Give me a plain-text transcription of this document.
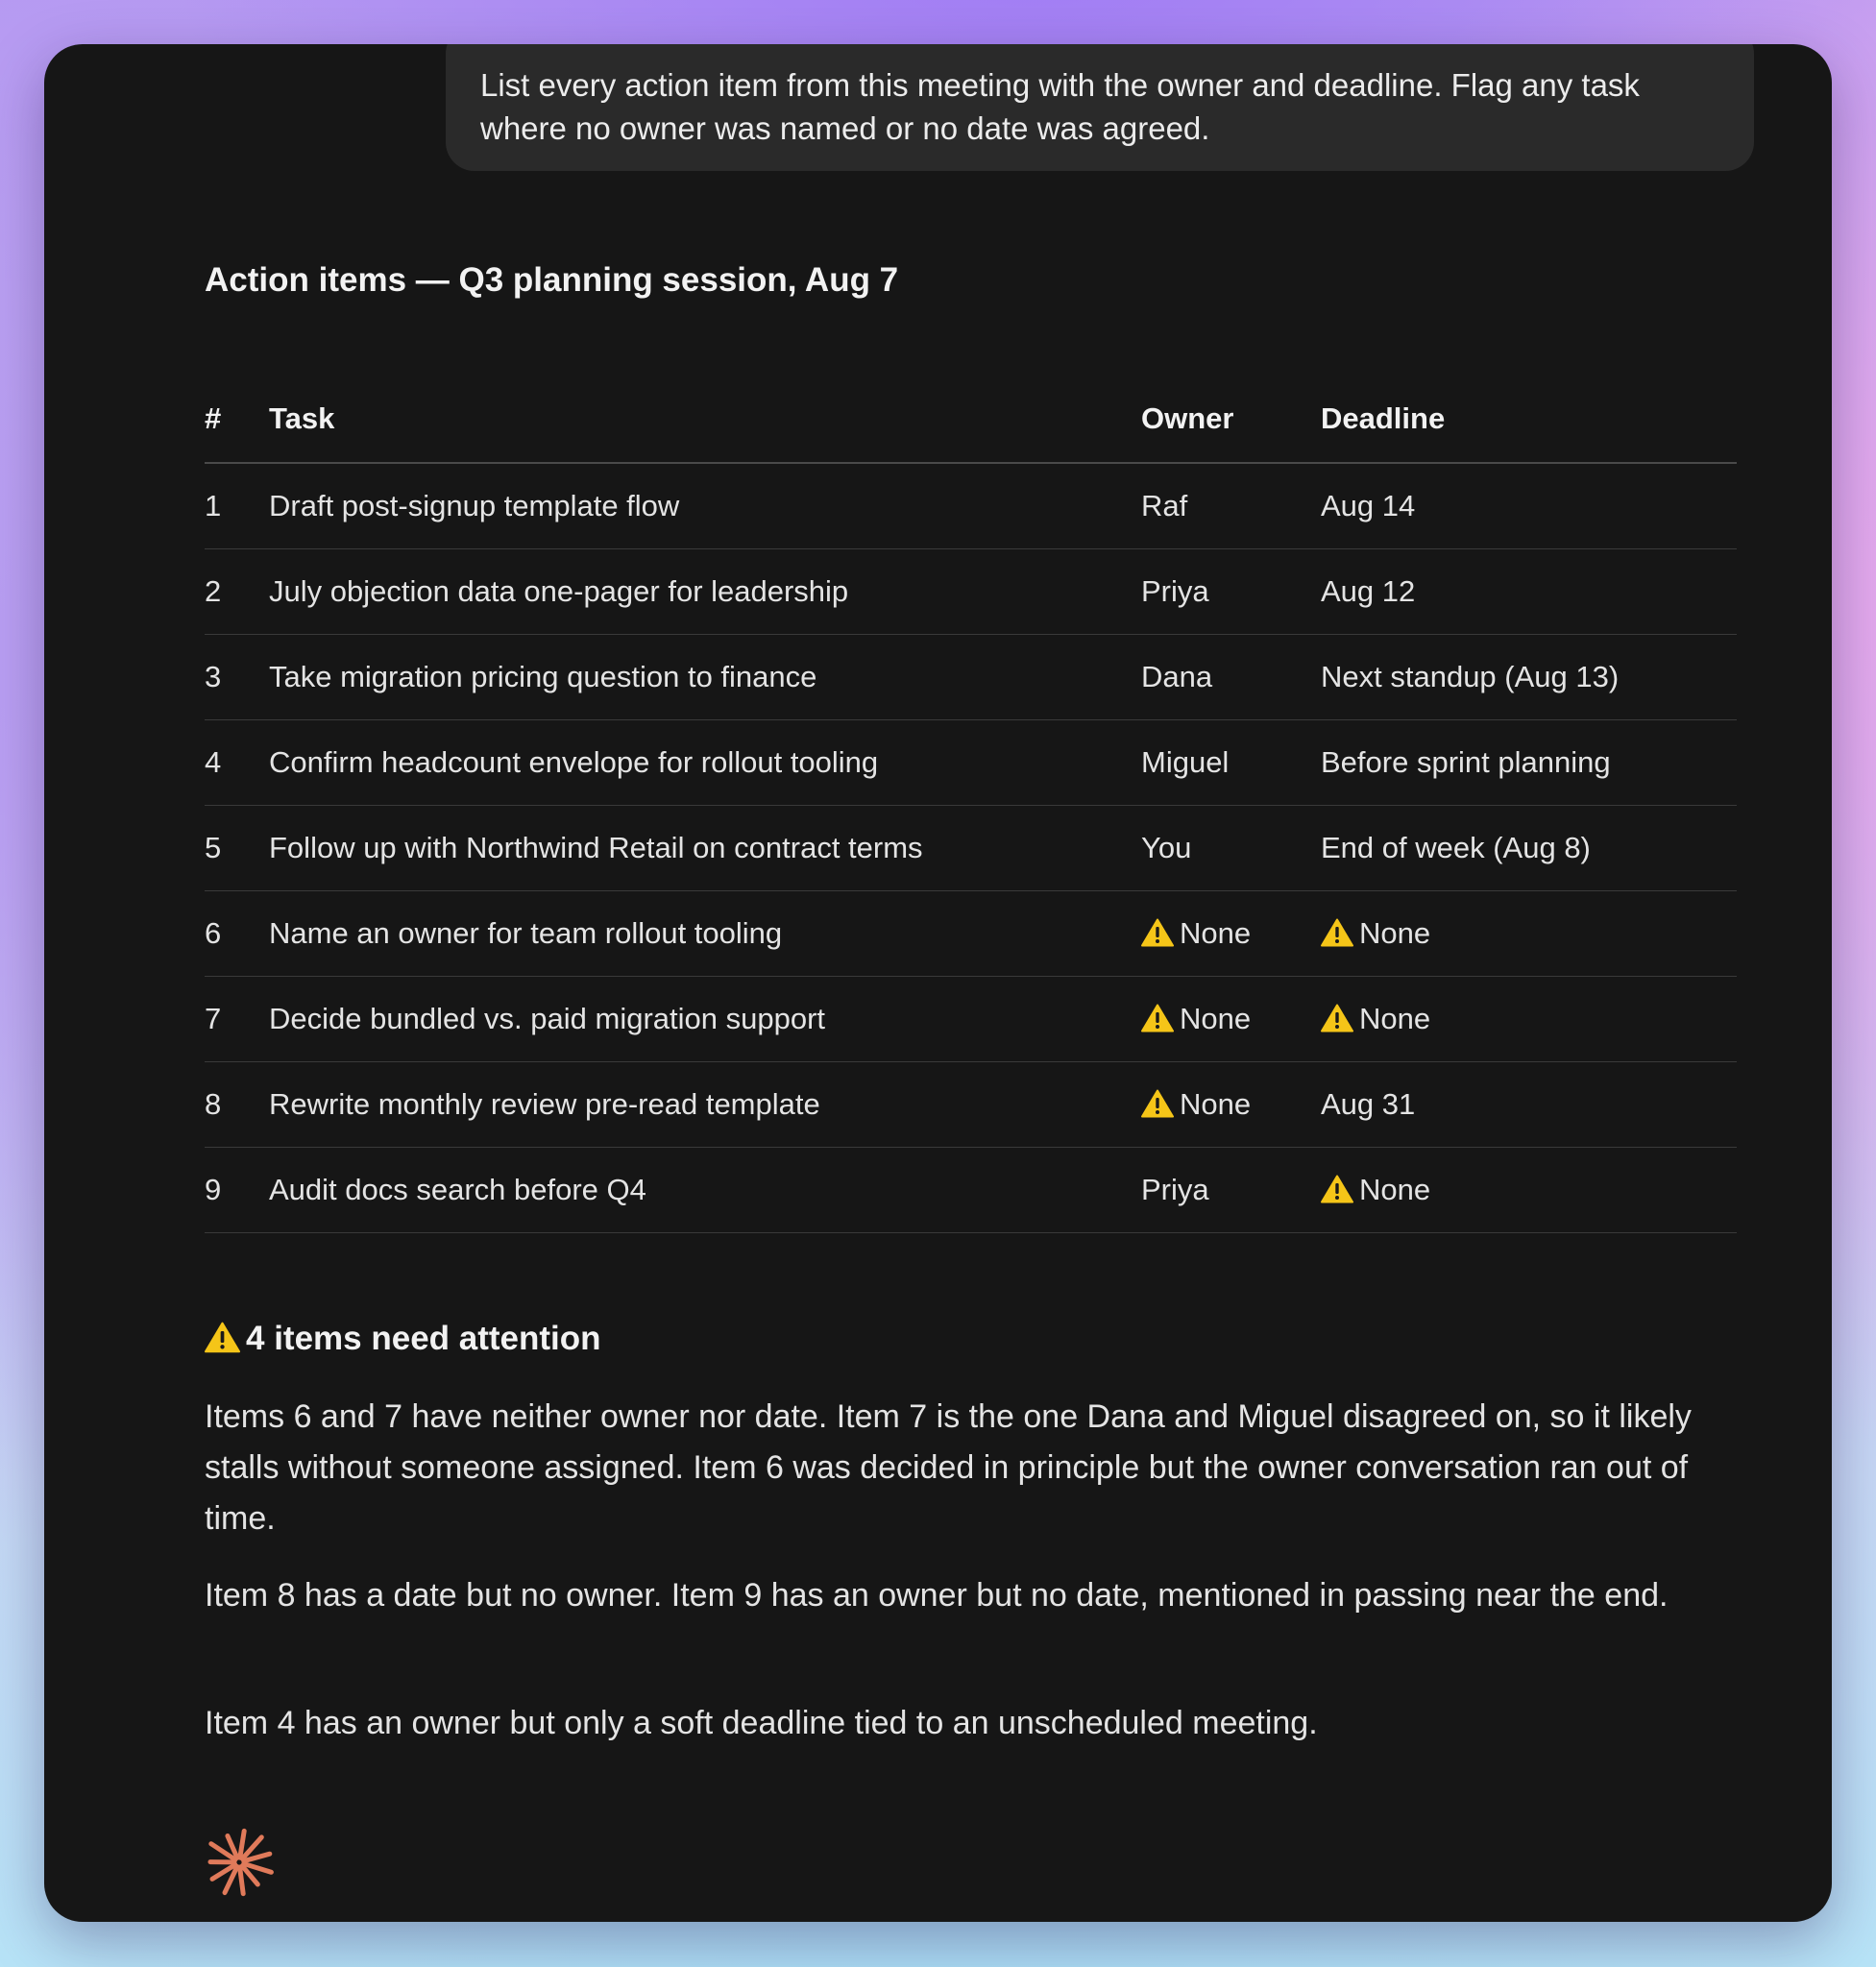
List every action item from this meeting with the owner and deadline. Flag any task where no owner was named or no date was agreed.
Action items — Q3 planning session, Aug 7
#	Task	Owner	Deadline
1	Draft post-signup template flow	Raf	Aug 14
2	July objection data one-pager for leadership	Priya	Aug 12
3	Take migration pricing question to finance	Dana	Next standup (Aug 13)
4	Confirm headcount envelope for rollout tooling	Miguel	Before sprint planning
5	Follow up with Northwind Retail on contract terms	You	End of week (Aug 8)
6	Name an owner for team rollout tooling	None	None
7	Decide bundled vs. paid migration support	None	None
8	Rewrite monthly review pre-read template	None	Aug 31
9	Audit docs search before Q4	Priya	None
4 items need attention

Items 6 and 7 have neither owner nor date. Item 7 is the one Dana and Miguel disagreed on, so it likely stalls without someone assigned. Item 6 was decided in principle but the owner conversation ran out of time.

Item 8 has a date but no owner. Item 9 has an owner but no date, mentioned in passing near the end.

Item 4 has an owner but only a soft deadline tied to an unscheduled meeting.
